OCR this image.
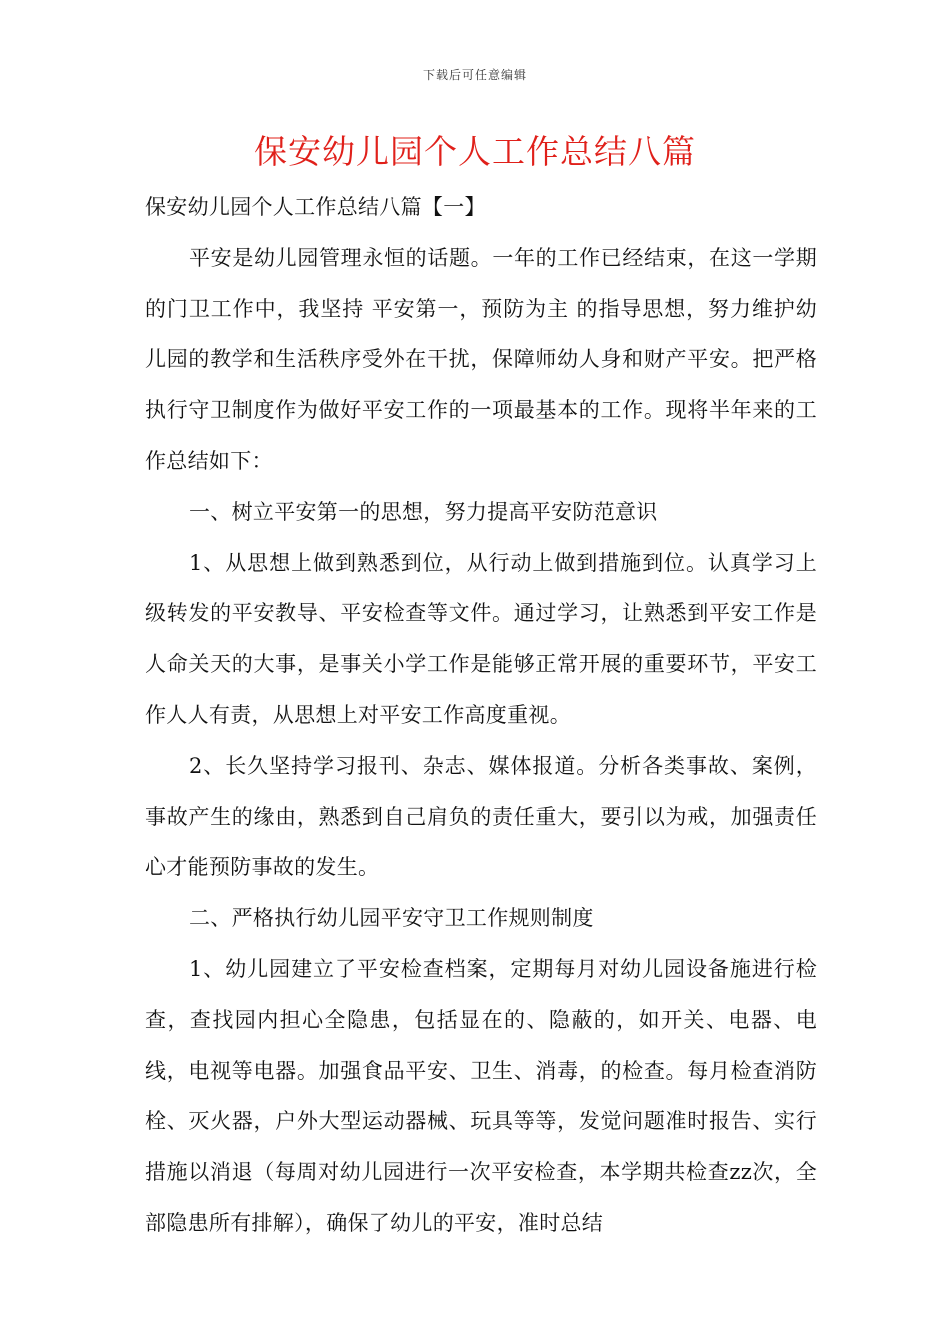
下载后可任意编辑
保安幼儿园个人工作总结八篇

保安幼儿园个人工作总结八篇【一】

平安是幼儿园管理永恒的话题。一年的工作已经结束，在这一学期的门卫工作中，我坚持 平安第一，预防为主 的指导思想，努力维护幼儿园的教学和生活秩序受外在干扰，保障师幼人身和财产平安。把严格执行守卫制度作为做好平安工作的一项最基本的工作。现将半年来的工作总结如下：

一、树立平安第一的思想，努力提高平安防范意识

1、从思想上做到熟悉到位，从行动上做到措施到位。认真学习上级转发的平安教导、平安检查等文件。通过学习，让熟悉到平安工作是人命关天的大事，是事关小学工作是能够正常开展的重要环节，平安工作人人有责，从思想上对平安工作高度重视。

2、长久坚持学习报刊、杂志、媒体报道。分析各类事故、案例，事故产生的缘由，熟悉到自己肩负的责任重大，要引以为戒，加强责任心才能预防事故的发生。

二、严格执行幼儿园平安守卫工作规则制度

1、幼儿园建立了平安检查档案，定期每月对幼儿园设备施进行检查，查找园内担心全隐患，包括显在的、隐蔽的，如开关、电器、电线，电视等电器。加强食品平安、卫生、消毒，的检查。每月检查消防栓、灭火器，户外大型运动器械、玩具等等，发觉问题准时报告、实行措施以消退（每周对幼儿园进行一次平安检查，本学期共检查zz次，全部隐患所有排解），确保了幼儿的平安，准时总结
